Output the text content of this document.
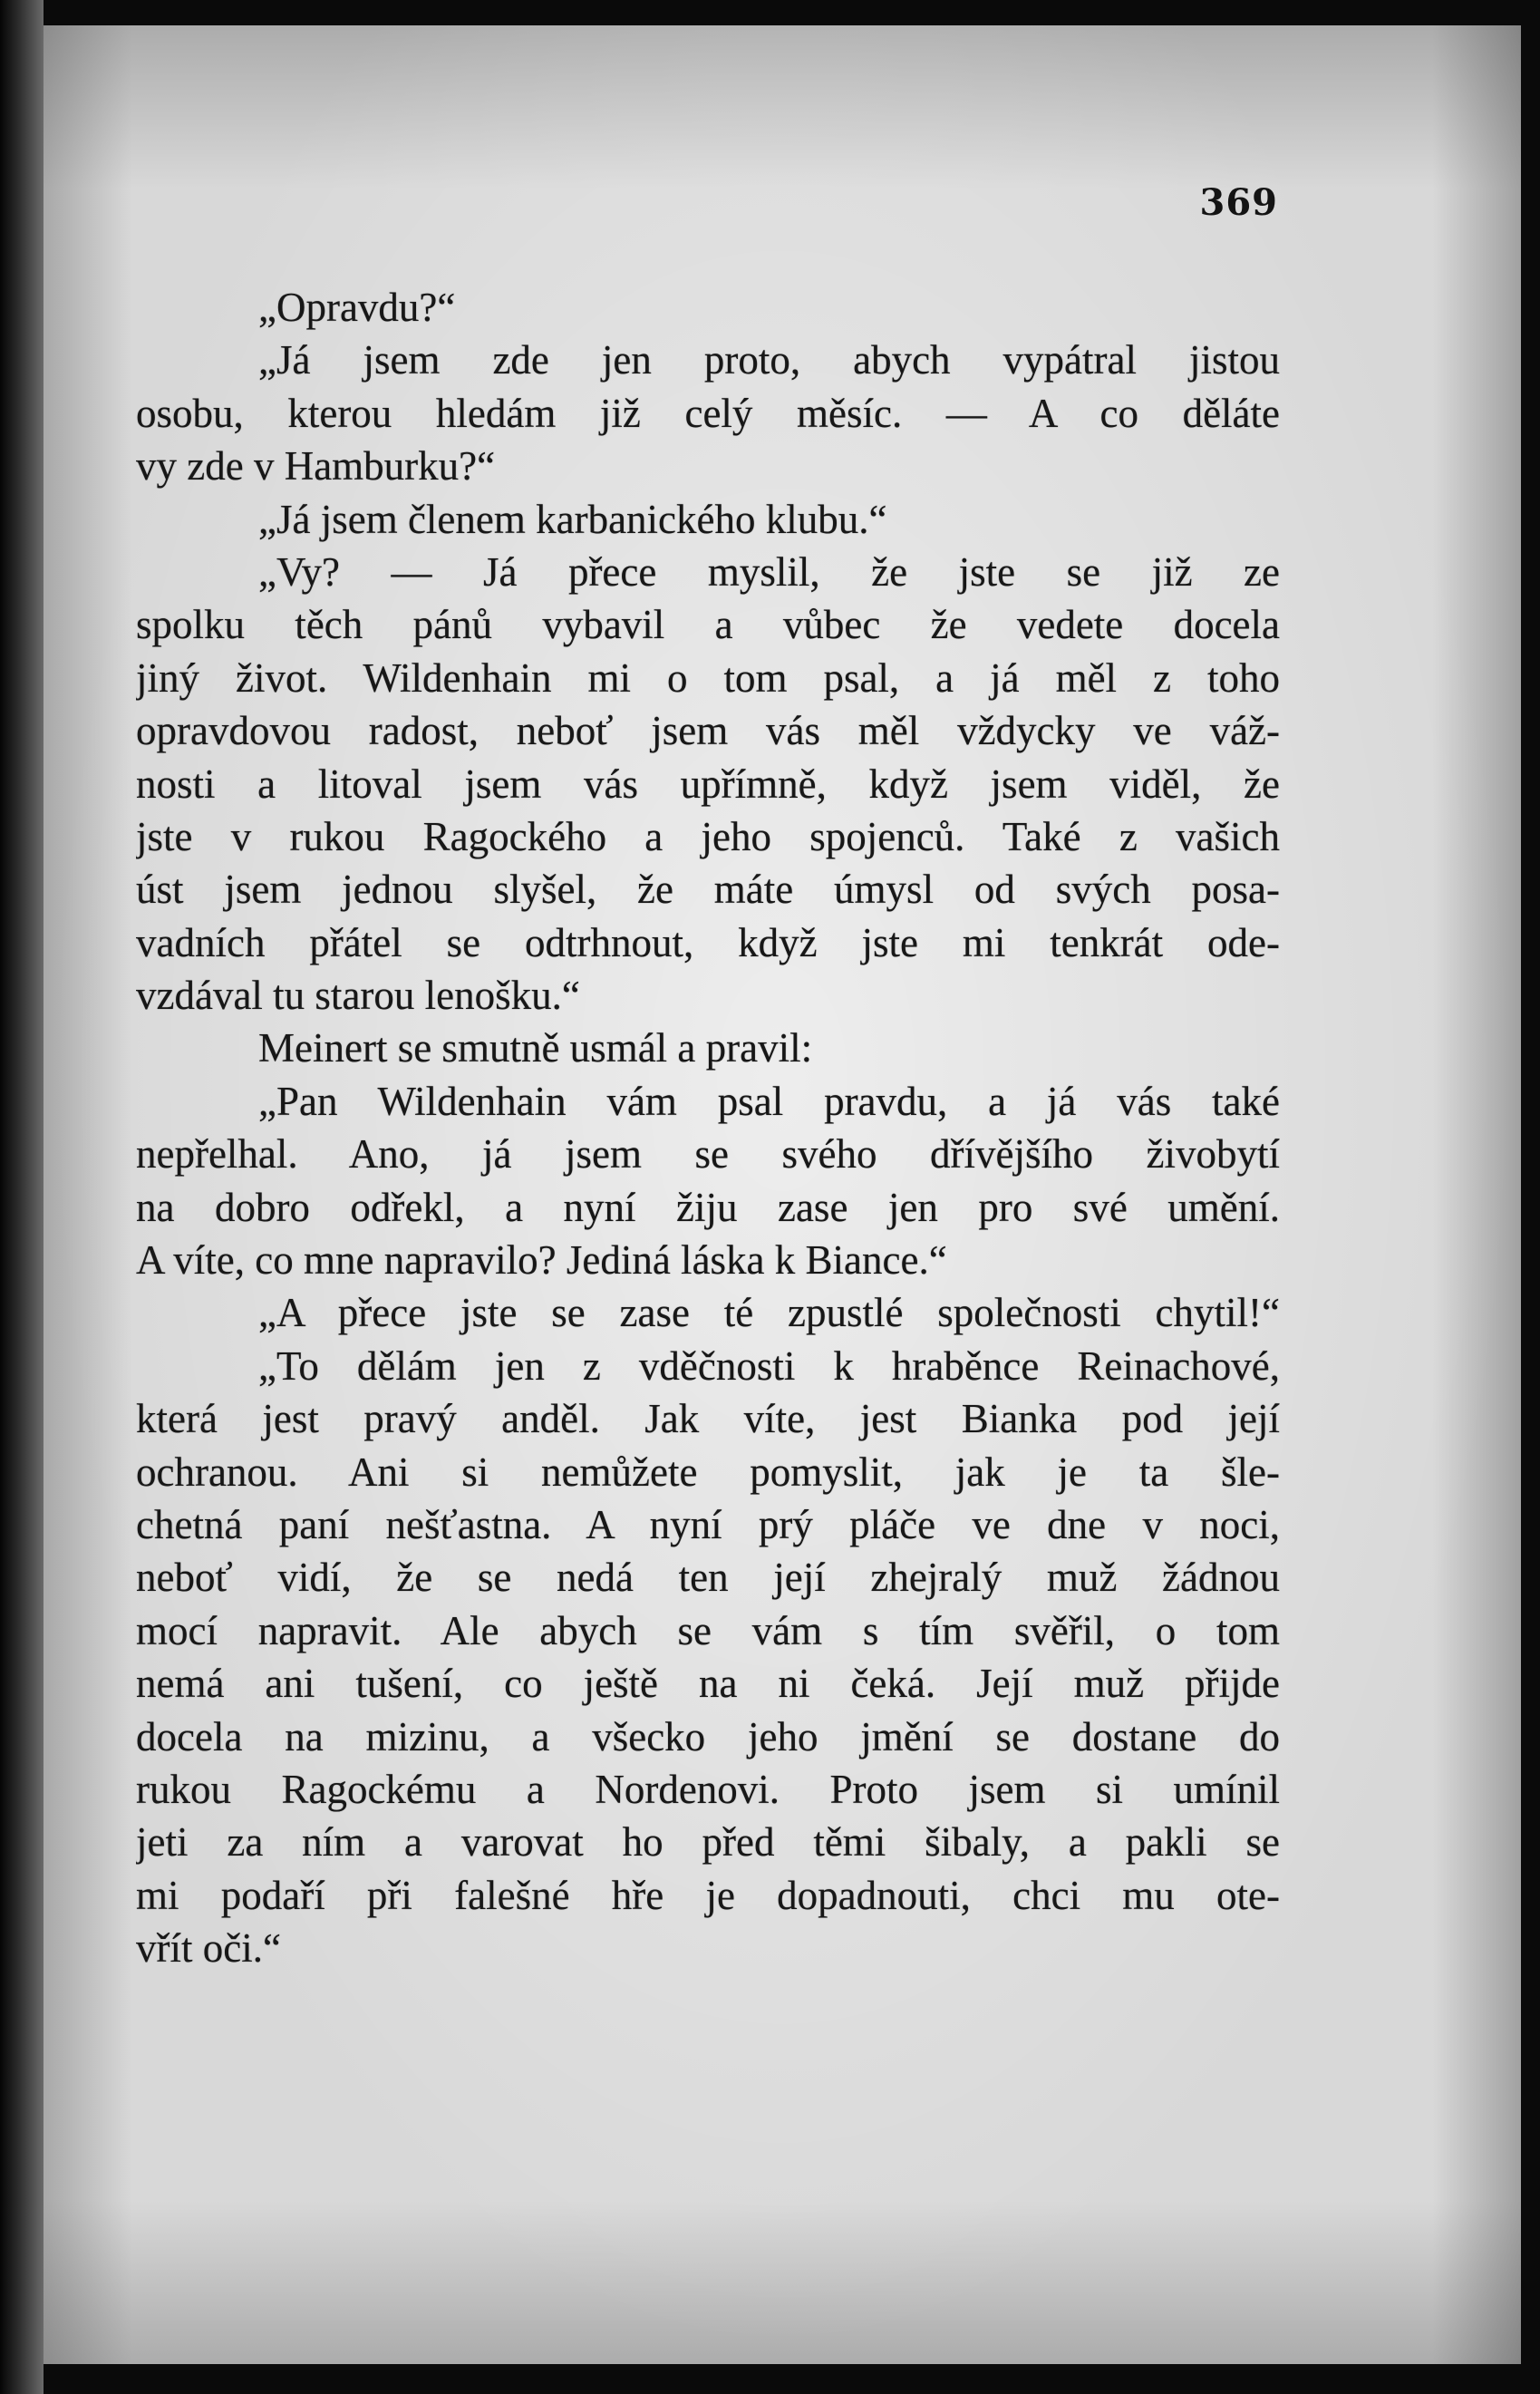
369
„Opravdu?“
„Já jsem zde jen proto, abych vypátral jistou
osobu, kterou hledám již celý měsíc. — A co děláte
vy zde v Hamburku?“
„Já jsem členem karbanického klubu.“
„Vy? — Já přece myslil, že jste se již ze
spolku těch pánů vybavil a vůbec že vedete docela
jiný život. Wildenhain mi o tom psal, a já měl z toho
opravdovou radost, neboť jsem vás měl vždycky ve váž-
nosti a litoval jsem vás upřímně, když jsem viděl, že
jste v rukou Ragockého a jeho spojenců. Také z vašich
úst jsem jednou slyšel, že máte úmysl od svých posa-
vadních přátel se odtrhnout, když jste mi tenkrát ode-
vzdával tu starou lenošku.“
Meinert se smutně usmál a pravil:
„Pan Wildenhain vám psal pravdu, a já vás také
nepřelhal. Ano, já jsem se svého dřívějšího živobytí
na dobro odřekl, a nyní žiju zase jen pro své umění.
A víte, co mne napravilo? Jediná láska k Biance.“
„A přece jste se zase té zpustlé společnosti chytil!“
„To dělám jen z vděčnosti k hraběnce Reinachové,
která jest pravý anděl. Jak víte, jest Bianka pod její
ochranou. Ani si nemůžete pomyslit, jak je ta šle-
chetná paní nešťastna. A nyní prý pláče ve dne v noci,
neboť vidí, že se nedá ten její zhejralý muž žádnou
mocí napravit. Ale abych se vám s tím svěřil, o tom
nemá ani tušení, co ještě na ni čeká. Její muž přijde
docela na mizinu, a všecko jeho jmění se dostane do
rukou Ragockému a Nordenovi. Proto jsem si umínil
jeti za ním a varovat ho před těmi šibaly, a pakli se
mi podaří při falešné hře je dopadnouti, chci mu ote-
vřít oči.“
